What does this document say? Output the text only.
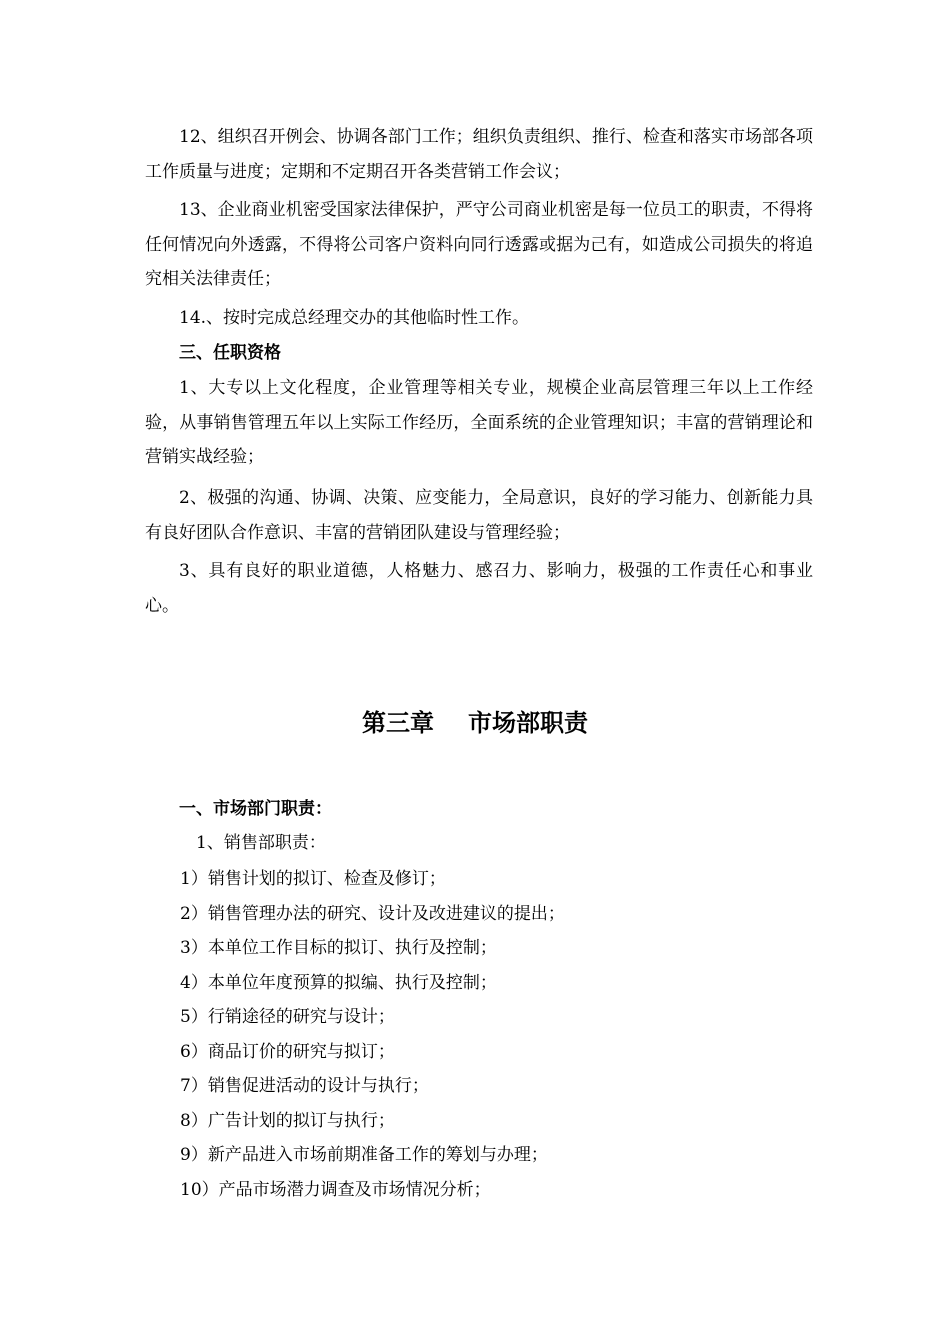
12、组织召开例会、协调各部门工作；组织负责组织、推行、检查和落实市场部各项工作质量与进度；定期和不定期召开各类营销工作会议；

13、企业商业机密受国家法律保护，严守公司商业机密是每一位员工的职责，不得将任何情况向外透露，不得将公司客户资料向同行透露或据为己有，如造成公司损失的将追究相关法律责任；

14.、按时完成总经理交办的其他临时性工作。

三、任职资格

1、大专以上文化程度，企业管理等相关专业，规模企业高层管理三年以上工作经验，从事销售管理五年以上实际工作经历，全面系统的企业管理知识；丰富的营销理论和营销实战经验；

2、极强的沟通、协调、决策、应变能力，全局意识，良好的学习能力、创新能力具有良好团队合作意识、丰富的营销团队建设与管理经验；

3、具有良好的职业道德，人格魅力、感召力、影响力，极强的工作责任心和事业心。

第三章 市场部职责

一、市场部门职责：

1、销售部职责：

1）销售计划的拟订、检查及修订；
2）销售管理办法的研究、设计及改进建议的提出；
3）本单位工作目标的拟订、执行及控制；
4）本单位年度预算的拟编、执行及控制；
5）行销途径的研究与设计；
6）商品订价的研究与拟订；
7）销售促进活动的设计与执行；
8）广告计划的拟订与执行；
9）新产品进入市场前期准备工作的筹划与办理；
10）产品市场潜力调查及市场情况分析；
